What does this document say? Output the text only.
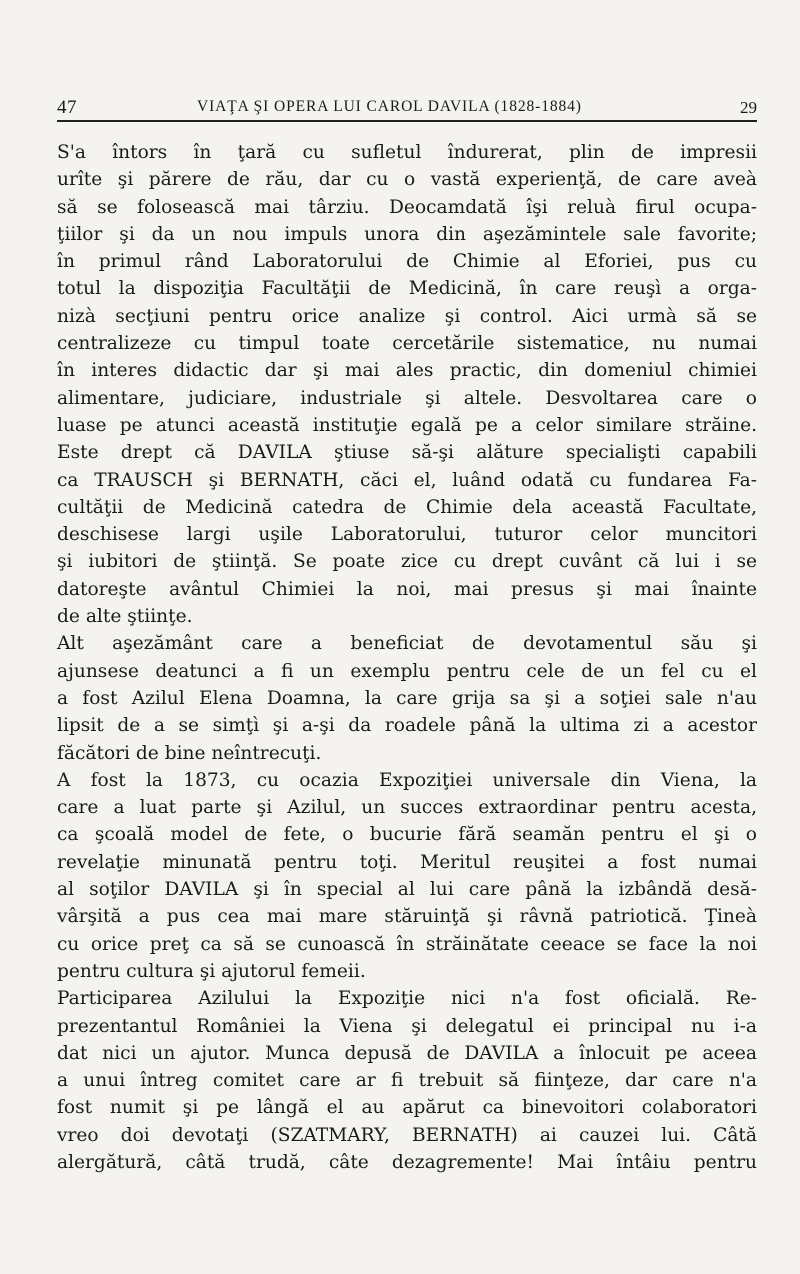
47	VIAŢA ŞI OPERA LUI CAROL DAVILA (1828-1884)	29
S'a întors în ţară cu sufletul îndurerat, plin de impresii
urîte şi părere de rău, dar cu o vastă experienţă, de care aveà
să se folosească mai târziu. Deocamdată îşi reluà firul ocupa-
ţiilor şi da un nou impuls unora din aşezămintele sale favorite;
în primul rând Laboratorului de Chimie al Eforiei, pus cu
totul la dispoziţia Facultăţii de Medicină, în care reuşì a orga-
nizà secţiuni pentru orice analize şi control. Aici urmà să se
centralizeze cu timpul toate cercetările sistematice, nu numai
în interes didactic dar şi mai ales practic, din domeniul chimiei
alimentare, judiciare, industriale şi altele. Desvoltarea care o
luase pe atunci această instituţie egală pe a celor similare străine.
Este drept că DAVILA ştiuse să-şi alăture specialişti capabili
ca TRAUSCH şi BERNATH, căci el, luând odată cu fundarea Fa-
cultăţii de Medicină catedra de Chimie dela această Facultate,
deschisese largi uşile Laboratorului, tuturor celor muncitori
şi iubitori de ştiinţă. Se poate zice cu drept cuvânt că lui i se
datoreşte avântul Chimiei la noi, mai presus şi mai înainte
de alte ştiinţe.
Alt aşezământ care a beneficiat de devotamentul său şi
ajunsese deatunci a fi un exemplu pentru cele de un fel cu el
a fost Azilul Elena Doamna, la care grija sa şi a soţiei sale n'au
lipsit de a se simţì şi a-şi da roadele până la ultima zi a acestor
făcători de bine neîntrecuţi.
A fost la 1873, cu ocazia Expoziţiei universale din Viena, la
care a luat parte şi Azilul, un succes extraordinar pentru acesta,
ca şcoală model de fete, o bucurie fără seamăn pentru el şi o
revelaţie minunată pentru toţi. Meritul reuşitei a fost numai
al soţilor DAVILA şi în special al lui care până la izbândă desă-
vârşită a pus cea mai mare stăruinţă şi râvnă patriotică. Ţineà
cu orice preţ ca să se cunoască în străinătate ceeace se face la noi
pentru cultura şi ajutorul femeii.
Participarea Azilului la Expoziţie nici n'a fost oficială. Re-
prezentantul României la Viena şi delegatul ei principal nu i-a
dat nici un ajutor. Munca depusă de DAVILA a înlocuit pe aceea
a unui întreg comitet care ar fi trebuit să fiinţeze, dar care n'a
fost numit şi pe lângă el au apărut ca binevoitori colaboratori
vreo doi devotaţi (SZATMARY, BERNATH) ai cauzei lui. Câtă
alergătură, câtă trudă, câte dezagremente! Mai întâiu pentru
